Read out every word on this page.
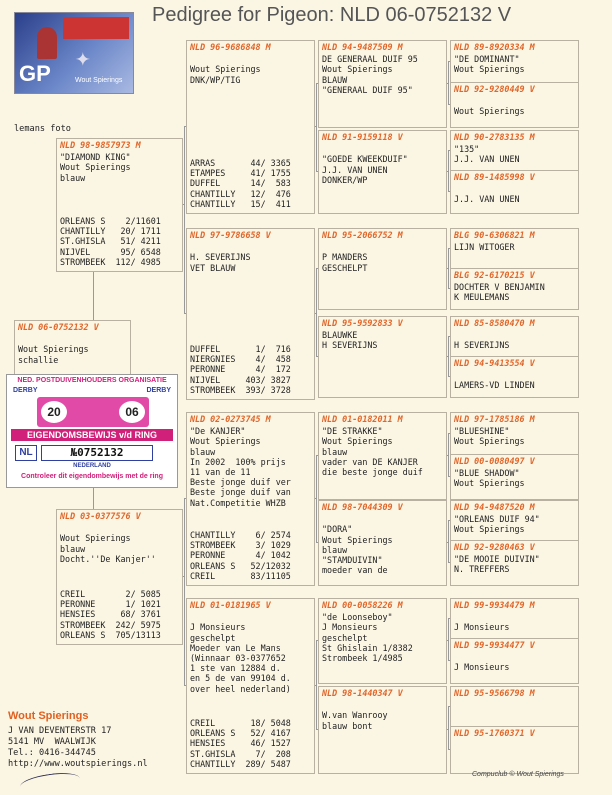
Pedigree for Pigeon: NLD 06-0752132 V
✦
GP	Wout Spierings
lemans foto
NLD 06-0752132 V
Wout Spierings
schallie
NLD 98-9857973 M
"DIAMOND KING"
Wout Spierings
blauw
ORLEANS S    2/11601
CHANTILLY   20/ 1711
ST.GHISLA   51/ 4211
NIJVEL      95/ 6548
STROMBEEK  112/ 4985
NLD 03-0377576 V
Wout Spierings
blauw
Docht.''De Kanjer''
CREIL        2/ 5085
PERONNE      1/ 1021
HENSIES     68/ 3761
STROMBEEK  242/ 5975
ORLEANS S  705/13113
NLD 96-9686848 M
Wout Spierings
DNK/WP/TIG
ARRAS       44/ 3365
ETAMPES     41/ 1755
DUFFEL      14/  583
CHANTILLY   12/  476
CHANTILLY   15/  411
NLD 97-9786658 V
H. SEVERIJNS
VET BLAUW
DUFFEL       1/  716
NIERGNIES    4/  458
PERONNE      4/  172
NIJVEL     403/ 3827
STROMBEEK  393/ 3728
NLD 02-0273745 M
"De KANJER"
Wout Spierings
blauw
In 2002  100% prijs
11 van de 11
Beste jonge duif ver
Beste jonge duif van
Nat.Competitie WHZB
CHANTILLY    6/ 2574
STROMBEEK    3/ 1029
PERONNE      4/ 1042
ORLEANS S   52/12032
CREIL       83/11105
NLD 01-0181965 V
J Monsieurs
geschelpt
Moeder van Le Mans
(Winnaar 03-0377652
1 ste van 12884 d.
en 5 de van 99104 d.
over heel nederland)
CREIL       18/ 5048
ORLEANS S   52/ 4167
HENSIES     46/ 1527
ST.GHISLA    7/  208
CHANTILLY  289/ 5487
NLD 94-9487509 M
DE GENERAAL DUIF 95
Wout Spierings
BLAUW
"GENERAAL DUIF 95"
NLD 91-9159118 V
"GOEDE KWEEKDUIF"
J.J. VAN UNEN
DONKER/WP
NLD 95-2066752 M
P MANDERS
GESCHELPT
NLD 95-9592833 V
BLAUWKE
H SEVERIJNS
NLD 01-0182011 M
"DE STRAKKE"
Wout Spierings
blauw
vader van DE KANJER
die beste jonge duif
NLD 98-7044309 V
"DORA"
Wout Spierings
blauw
"STAMDUIVIN"
moeder van de
NLD 00-0058226 M
"de Loonseboy"
J Monsieurs
geschelpt
St Ghislain 1/8382
Strombeek 1/4985
NLD 98-1440347 V
W.van Wanrooy
blauw bont
NLD 89-8920334 M
"DE DOMINANT"
Wout Spierings
NLD 92-9280449 V
Wout Spierings
NLD 90-2783135 M
"135"
J.J. VAN UNEN
NLD 89-1485998 V
J.J. VAN UNEN
BLG 90-6306821 M
LIJN WITOGER
BLG 92-6170215 V
DOCHTER V BENJAMIN
K MEULEMANS
NLD 85-8580470 M
H SEVERIJNS
NLD 94-9413554 V
LAMERS-VD LINDEN
NLD 97-1785186 M
"BLUESHINE"
Wout Spierings
NLD 00-0080497 V
"BLUE SHADOW"
Wout Spierings
NLD 94-9487520 M
"ORLEANS DUIF 94"
Wout Spierings
NLD 92-9280463 V
"DE MOOIE DUIVIN"
N. TREFFERS
NLD 99-9934479 M
J Monsieurs
NLD 99-9934477 V
J Monsieurs
NLD 95-9566798 M
NLD 95-1760371 V
NED. POSTDUIVENHOUDERS ORGANISATIE
DERBY	DERBY
20	06
EIGENDOMSBEWIJS v/d RING
NL	№0752132
NEDERLAND
Controleer dit eigendombewijs met de ring
Wout Spierings
J VAN DEVENTERSTR 17
5141 MV  WAALWIJK
Tel.: 0416-344745
http://www.woutspierings.nl
Compuclub © Wout Spierings
